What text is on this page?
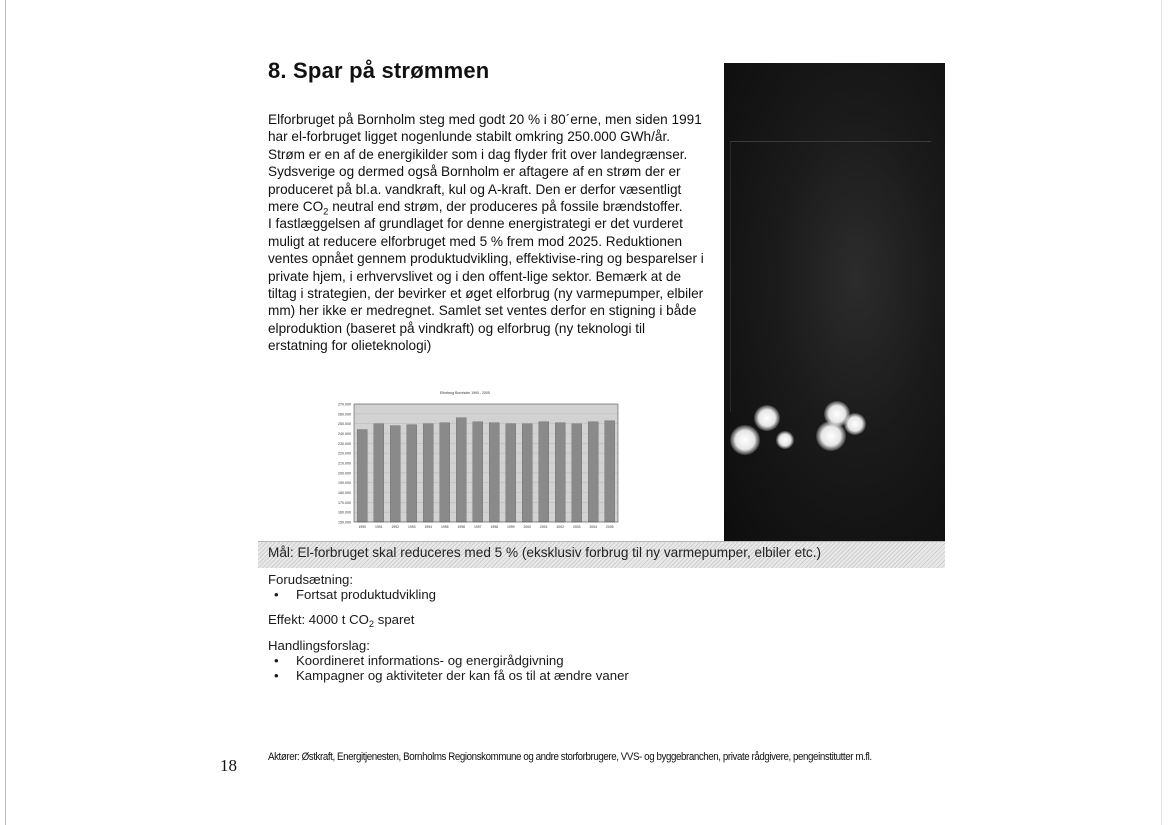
8. Spar på strømmen

Elforbruget på Bornholm steg med godt 20 % i 80´erne, men siden 1991 har el-forbruget ligget nogenlunde stabilt omkring 250.000 GWh/år. Strøm er en af de energikilder som i dag flyder frit over landegrænser. Sydsverige og dermed også Bornholm er aftagere af en strøm der er produceret på bl.a. vandkraft, kul og A-kraft. Den er derfor væsentligt mere $CO_2$ neutral end strøm, der produceres på fossile brændstoffer.

I fastlæggelsen af grundlaget for denne energistrategi er det vurderet muligt at reducere elforbruget med 5 % frem mod 2025. Reduktionen ventes opnået gennem produktudvikling, effektivise-ring og besparelser i private hjem, i erhvervslivet og i den offent-lige sektor. Bemærk at de tiltag i strategien, der bevirker et øget elforbrug (ny varmepumper, elbiler mm) her ikke er medregnet. Samlet set ventes derfor en stigning i både elproduktion (baseret på vindkraft) og elforbrug (ny teknologi til erstatning for olieteknologi)

Elforbrug Bornholm 1990 - 2005
270.000
260.000
250.000
240.000
230.000
220.000
210.000
200.000
190.000
180.000
170.000
160.000
150.000
1990	1991	1992	1993	1994	1995	1996	1997	1998	1999	2000	2001	2002	2003	2004	2005
Mål: El-forbruget skal reduceres med 5 % (eksklusiv forbrug til ny varmepumper, elbiler etc.)
Forudsætning:
• Fortsat produktudvikling
Effekt: 4000 t $CO_2$ sparet
Handlingsforslag:
• Koordineret informations- og energirådgivning
• Kampagner og aktiviteter der kan få os til at ændre vaner
18	Aktører: Østkraft, Energitjenesten, Bornholms Regionskommune og andre storforbrugere, VVS- og byggebranchen, private rådgivere, pengeinstitutter m.fl.
